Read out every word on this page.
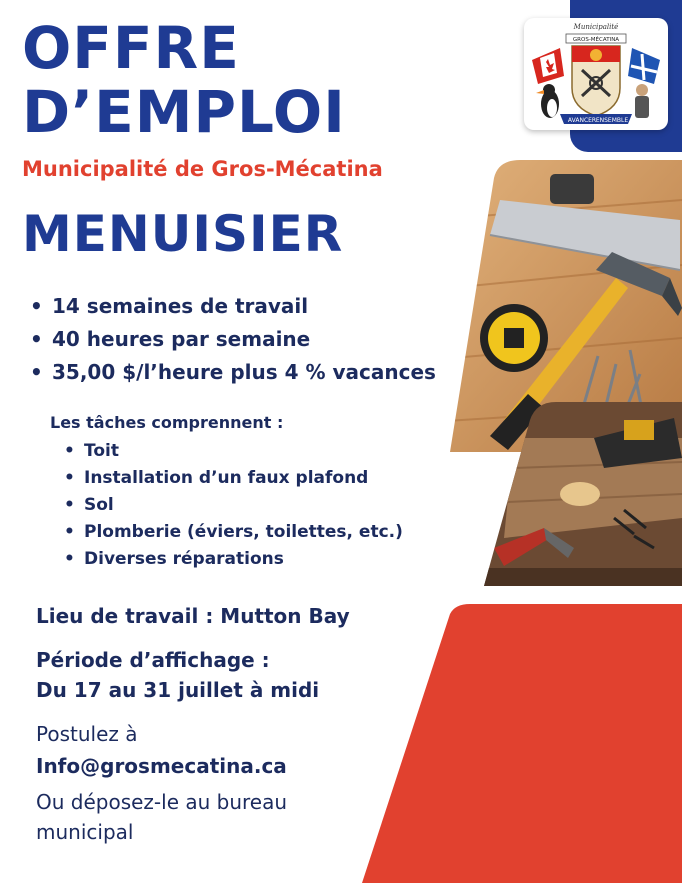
Municipalité
GROS-MÉCATINA
AVANCER ENSEMBLE
OFFRE
D’EMPLOI
Municipalité de Gros-Mécatina
MENUISIER
• 14 semaines de travail
• 40 heures par semaine
• 35,00 $/l’heure plus 4 % vacances
Les tâches comprennent :
• Toit
• Installation d’un faux plafond
• Sol
• Plomberie (éviers, toilettes, etc.)
• Diverses réparations
Lieu de travail : Mutton Bay
Période d’affichage :
Du 17 au 31 juillet à midi
Postulez à
Info@grosmecatina.ca
Ou déposez-le au bureau
municipal
